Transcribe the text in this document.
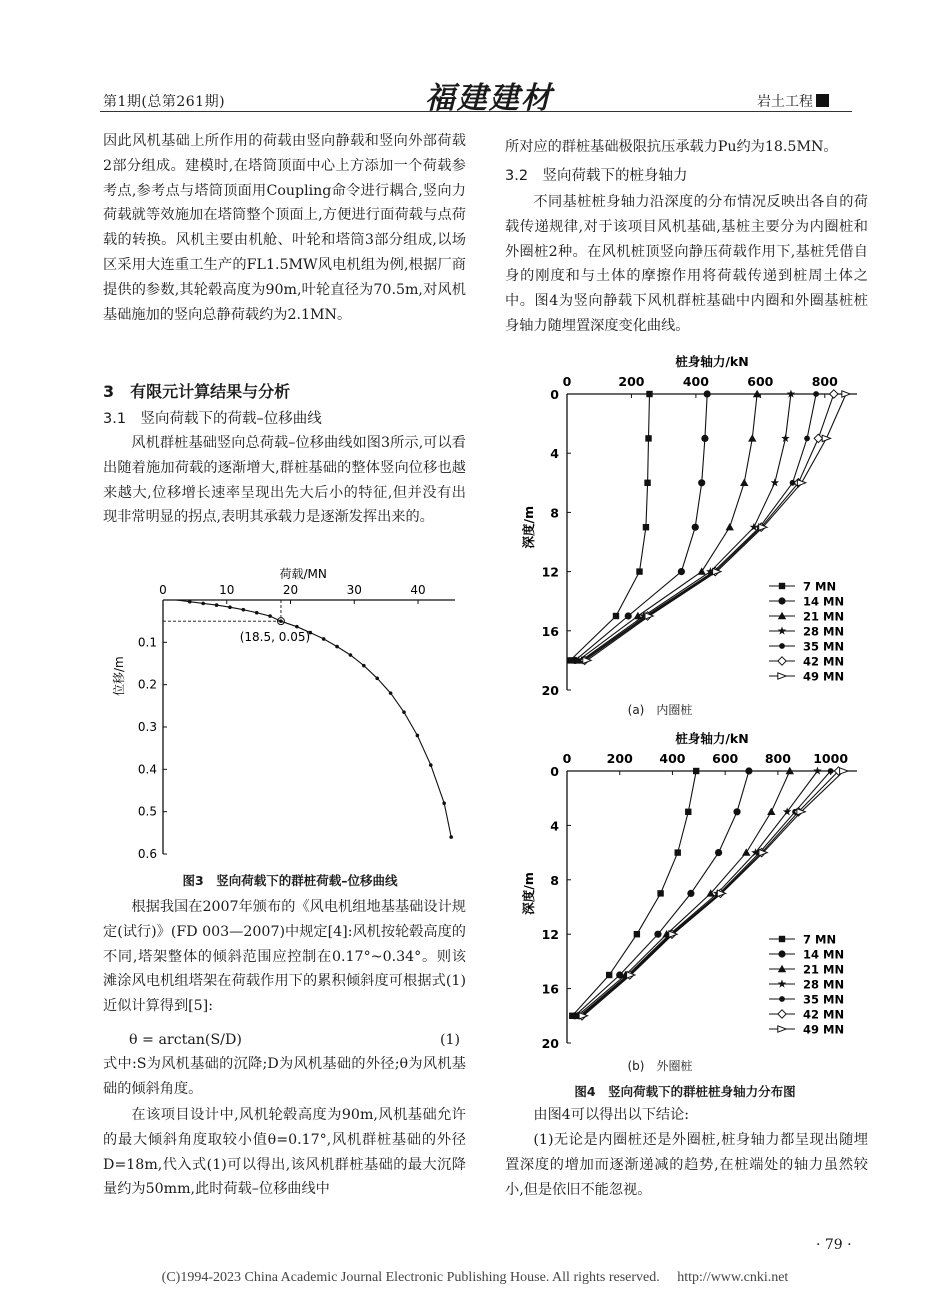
第1期(总第261期)	福建建材	岩土工程
因此风机基础上所作用的荷载由竖向静载和竖向外部荷载2部分组成。建模时,在塔筒顶面中心上方添加一个荷载参考点,参考点与塔筒顶面用Coupling命令进行耦合,竖向力荷载就等效施加在塔筒整个顶面上,方便进行面荷载与点荷载的转换。风机主要由机舱、叶轮和塔筒3部分组成,以场区采用大连重工生产的FL1.5MW风电机组为例,根据厂商提供的参数,其轮毂高度为90m,叶轮直径为70.5m,对风机基础施加的竖向总静荷载约为2.1MN。
3　有限元计算结果与分析
3.1　竖向荷载下的荷载–位移曲线
风机群桩基础竖向总荷载–位移曲线如图3所示,可以看出随着施加荷载的逐渐增大,群桩基础的整体竖向位移也越来越大,位移增长速率呈现出先大后小的特征,但并没有出现非常明显的拐点,表明其承载力是逐渐发挥出来的。
荷载/MN
0	10	20	30	40
0.1
0.2
0.3
0.4
0.5
0.6
位移/m
(18.5, 0.05)
图3　竖向荷载下的群桩荷载–位移曲线
根据我国在2007年颁布的《风电机组地基基础设计规定(试行)》(FD 003—2007)中规定[4]:风机按轮毂高度的不同,塔架整体的倾斜范围应控制在0.17°~0.34°。则该滩涂风电机组塔架在荷载作用下的累积倾斜度可根据式(1)近似计算得到[5]:
θ = arctan(S/D)	(1)
式中:S为风机基础的沉降;D为风机基础的外径;θ为风机基础的倾斜角度。
在该项目设计中,风机轮毂高度为90m,风机基础允许的最大倾斜角度取较小值θ=0.17°,风机群桩基础的外径D=18m,代入式(1)可以得出,该风机群桩基础的最大沉降量约为50mm,此时荷载–位移曲线中
所对应的群桩基础极限抗压承载力Pu约为18.5MN。
3.2　竖向荷载下的桩身轴力
不同基桩桩身轴力沿深度的分布情况反映出各自的荷载传递规律,对于该项目风机基础,基桩主要分为内圈桩和外圈桩2种。在风机桩顶竖向静压荷载作用下,基桩凭借自身的刚度和与土体的摩擦作用将荷载传递到桩周土体之中。图4为竖向静载下风机群桩基础中内圈和外圈基桩桩身轴力随埋置深度变化曲线。
桩身轴力/kN
0	200	400	600	800
0
4
8
12
16
20
深度/m
7 MN
14 MN
21 MN
28 MN
35 MN
42 MN
49 MN
(a)　内圈桩
桩身轴力/kN
0	200 400 600 800 1000
0
4
8
12
16
20
深度/m
7 MN
14 MN
21 MN
28 MN
35 MN
42 MN
49 MN
(b)　外圈桩
图4　竖向荷载下的群桩桩身轴力分布图
由图4可以得出以下结论:
(1)无论是内圈桩还是外圈桩,桩身轴力都呈现出随埋置深度的增加而逐渐递减的趋势,在桩端处的轴力虽然较小,但是依旧不能忽视。
· 79 ·
(C)1994-2023 China Academic Journal Electronic Publishing House. All rights reserved.　 http://www.cnki.net
